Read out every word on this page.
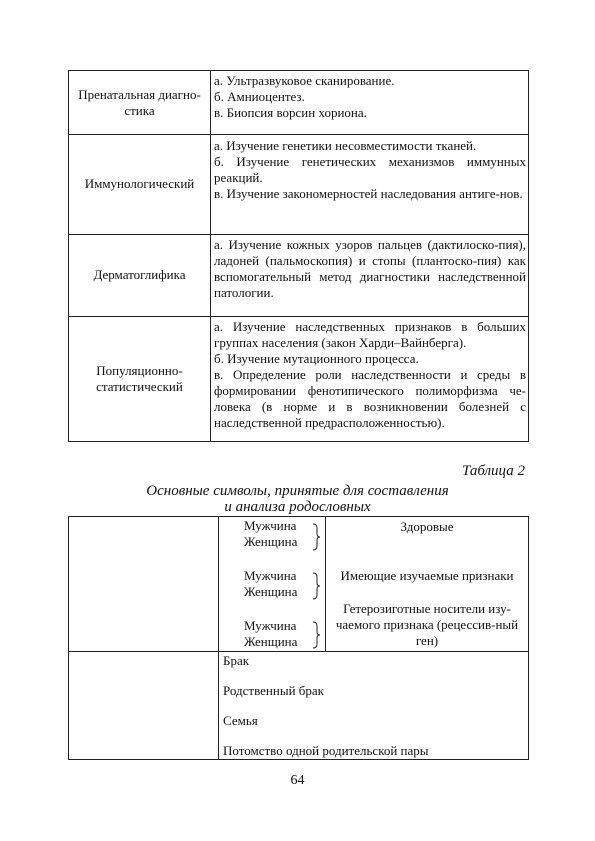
Пренатальная диагно-стика
а. Ультразвуковое сканирование.
б. Амниоцентез.
в. Биопсия ворсин хориона.
Иммунологический
а. Изучение генетики несовместимости тканей.
б. Изучение генетических механизмов иммунных реакций.
в. Изучение закономерностей наследования антиге-нов.
Дерматоглифика
а. Изучение кожных узоров пальцев (дактилоско-пия), ладоней (пальмоскопия) и стопы (плантоско-пия) как вспомогательный метод диагностики наследственной патологии.
Популяционно-статистический
а. Изучение наследственных признаков в больших группах населения (закон Харди–Вайнберга).
б. Изучение мутационного процесса.
в. Определение роли наследственности и среды в формировании фенотипического полиморфизма че-ловека (в норме и в возникновении болезней с наследственной предрасположенностью).
Таблица 2
Основные символы, принятые для составления
и анализа родословных
Мужчина
Женщина
Здоровые
Мужчина
Женщина
Имеющие изучаемые признаки
Мужчина
Женщина
Гетерозиготные носители изу-чаемого признака (рецессив-ный ген)
Брак
Родственный брак
Семья
Потомство одной родительской пары
64
